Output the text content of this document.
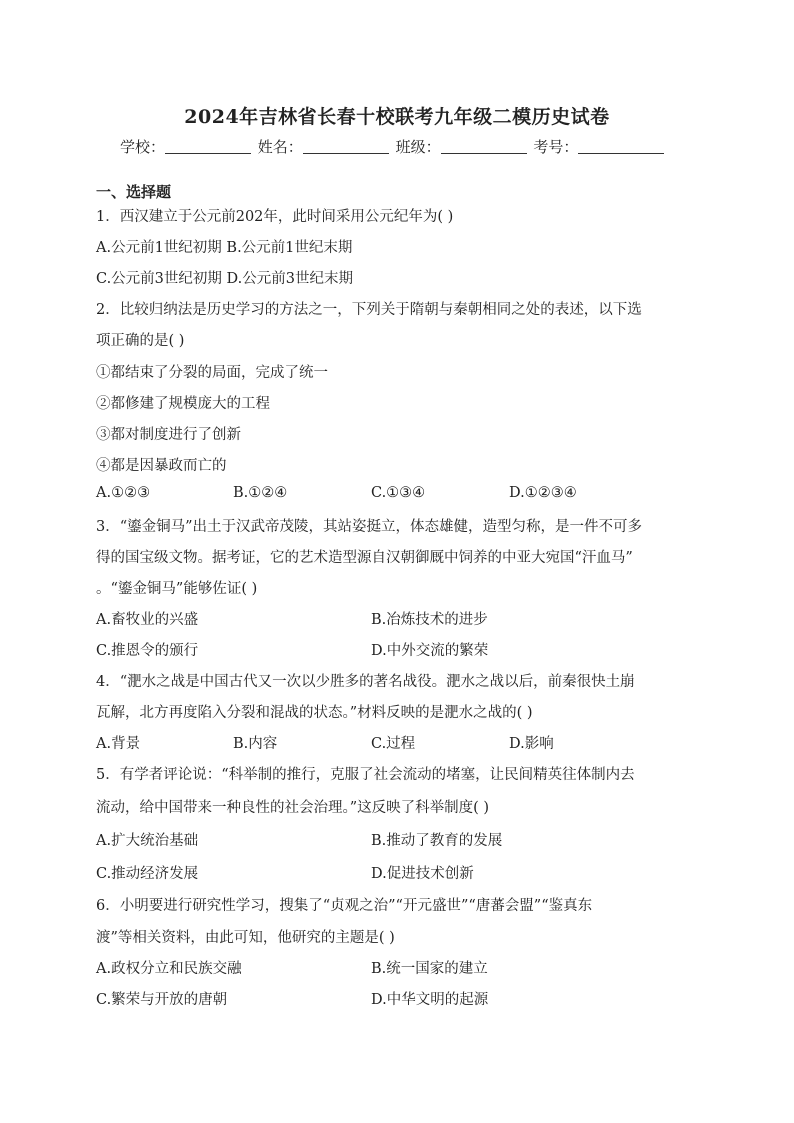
2024年吉林省长春十校联考九年级二模历史试卷
学校：	姓名：	班级：	考号：
一、选择题
1．西汉建立于公元前202年，此时间采用公元纪年为( )
A.公元前1世纪初期 B.公元前1世纪末期
C.公元前3世纪初期 D.公元前3世纪末期
2．比较归纳法是历史学习的方法之一，下列关于隋朝与秦朝相同之处的表述，以下选
项正确的是( )
①都结束了分裂的局面，完成了统一
②都修建了规模庞大的工程
③都对制度进行了创新
④都是因暴政而亡的
A.①②③	B.①②④	C.①③④	D.①②③④
3．“鎏金铜马”出土于汉武帝茂陵，其站姿挺立，体态雄健，造型匀称，是一件不可多
得的国宝级文物。据考证，它的艺术造型源自汉朝御厩中饲养的中亚大宛国“汗血马”
。“鎏金铜马”能够佐证( )
A.畜牧业的兴盛	B.冶炼技术的进步
C.推恩令的颁行	D.中外交流的繁荣
4．“淝水之战是中国古代又一次以少胜多的著名战役。淝水之战以后，前秦很快土崩
瓦解，北方再度陷入分裂和混战的状态。”材料反映的是淝水之战的( )
A.背景	B.内容	C.过程	D.影响
5．有学者评论说：“科举制的推行，克服了社会流动的堵塞，让民间精英往体制内去
流动，给中国带来一种良性的社会治理。”这反映了科举制度( )
A.扩大统治基础	B.推动了教育的发展
C.推动经济发展	D.促进技术创新
6．小明要进行研究性学习，搜集了“贞观之治”“开元盛世”“唐蕃会盟”“鉴真东
渡”等相关资料，由此可知，他研究的主题是( )
A.政权分立和民族交融	B.统一国家的建立
C.繁荣与开放的唐朝	D.中华文明的起源
